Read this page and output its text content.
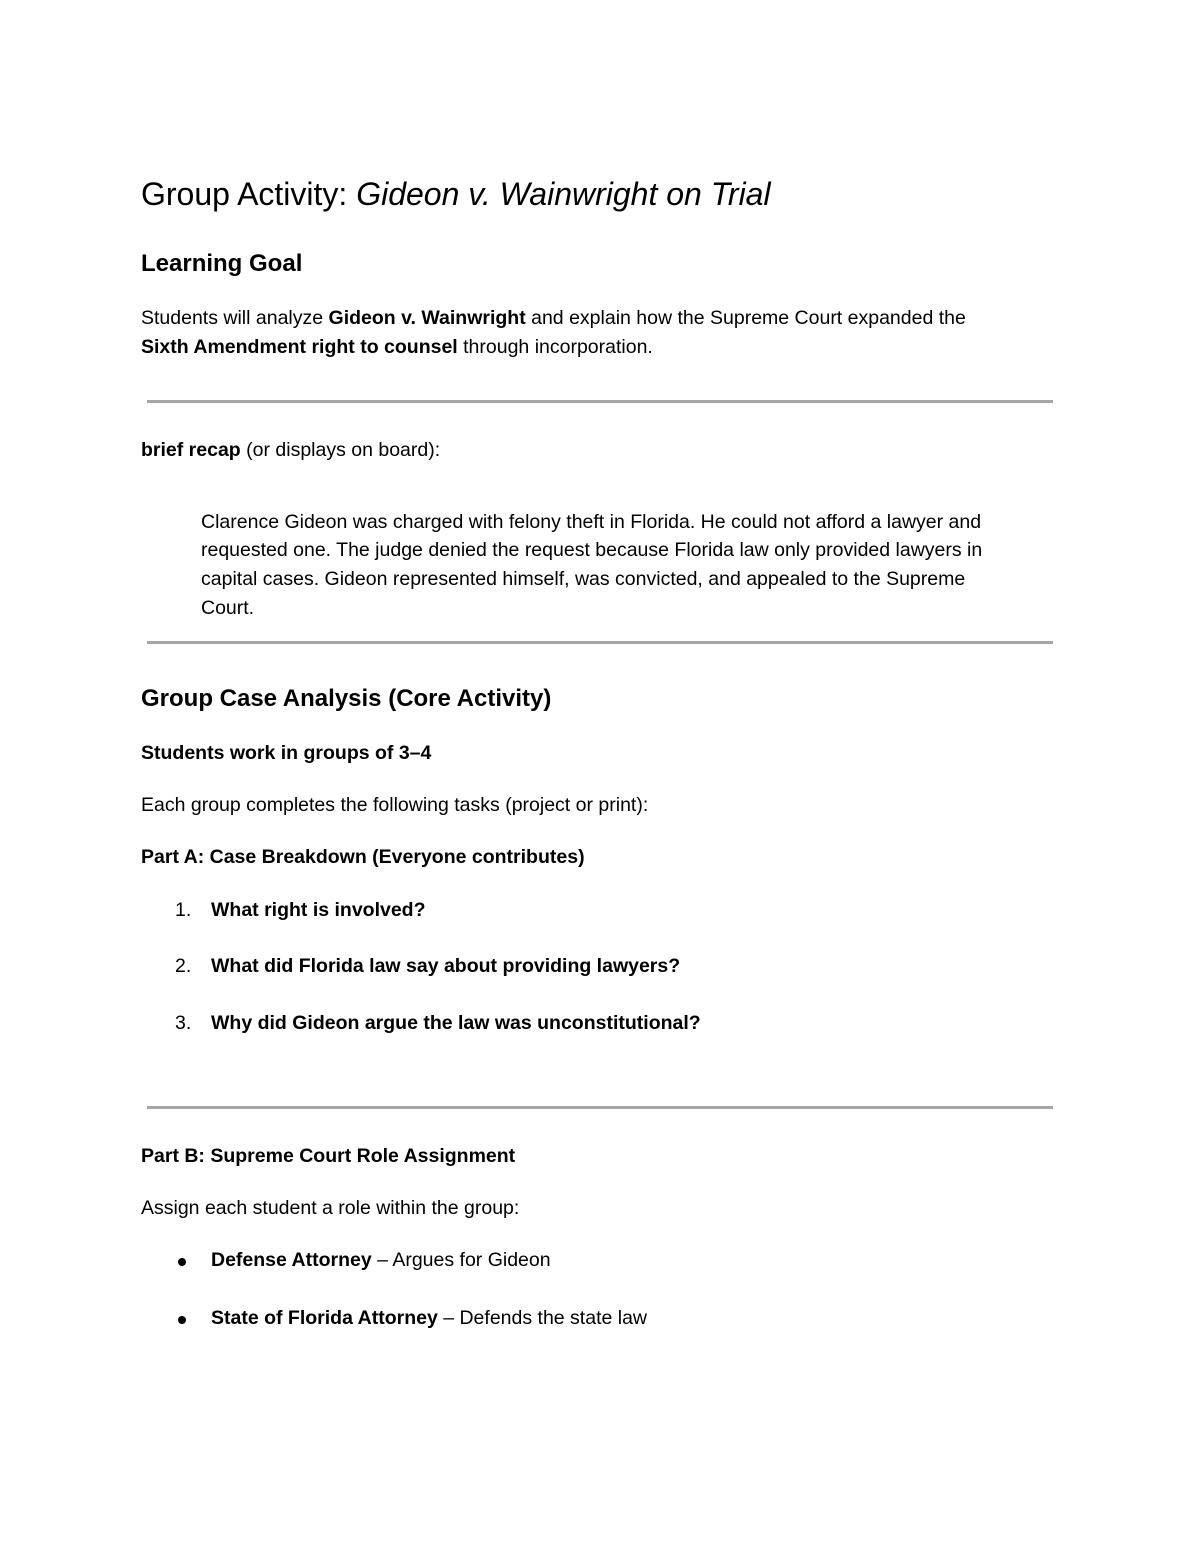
Group Activity: Gideon v. Wainwright on Trial
Learning Goal

Students will analyze Gideon v. Wainwright and explain how the Supreme Court expanded the

Sixth Amendment right to counsel through incorporation.

brief recap (or displays on board):

Clarence Gideon was charged with felony theft in Florida. He could not afford a lawyer and requested one. The judge denied the request because Florida law only provided lawyers in capital cases. Gideon represented himself, was convicted, and appealed to the Supreme Court.

Group Case Analysis (Core Activity)

Students work in groups of 3–4

Each group completes the following tasks (project or print):

Part A: Case Breakdown (Everyone contributes)

1. What right is involved?
2. What did Florida law say about providing lawyers?
3. Why did Gideon argue the law was unconstitutional?

Part B: Supreme Court Role Assignment

Assign each student a role within the group:

Defense Attorney – Argues for Gideon
State of Florida Attorney – Defends the state law
